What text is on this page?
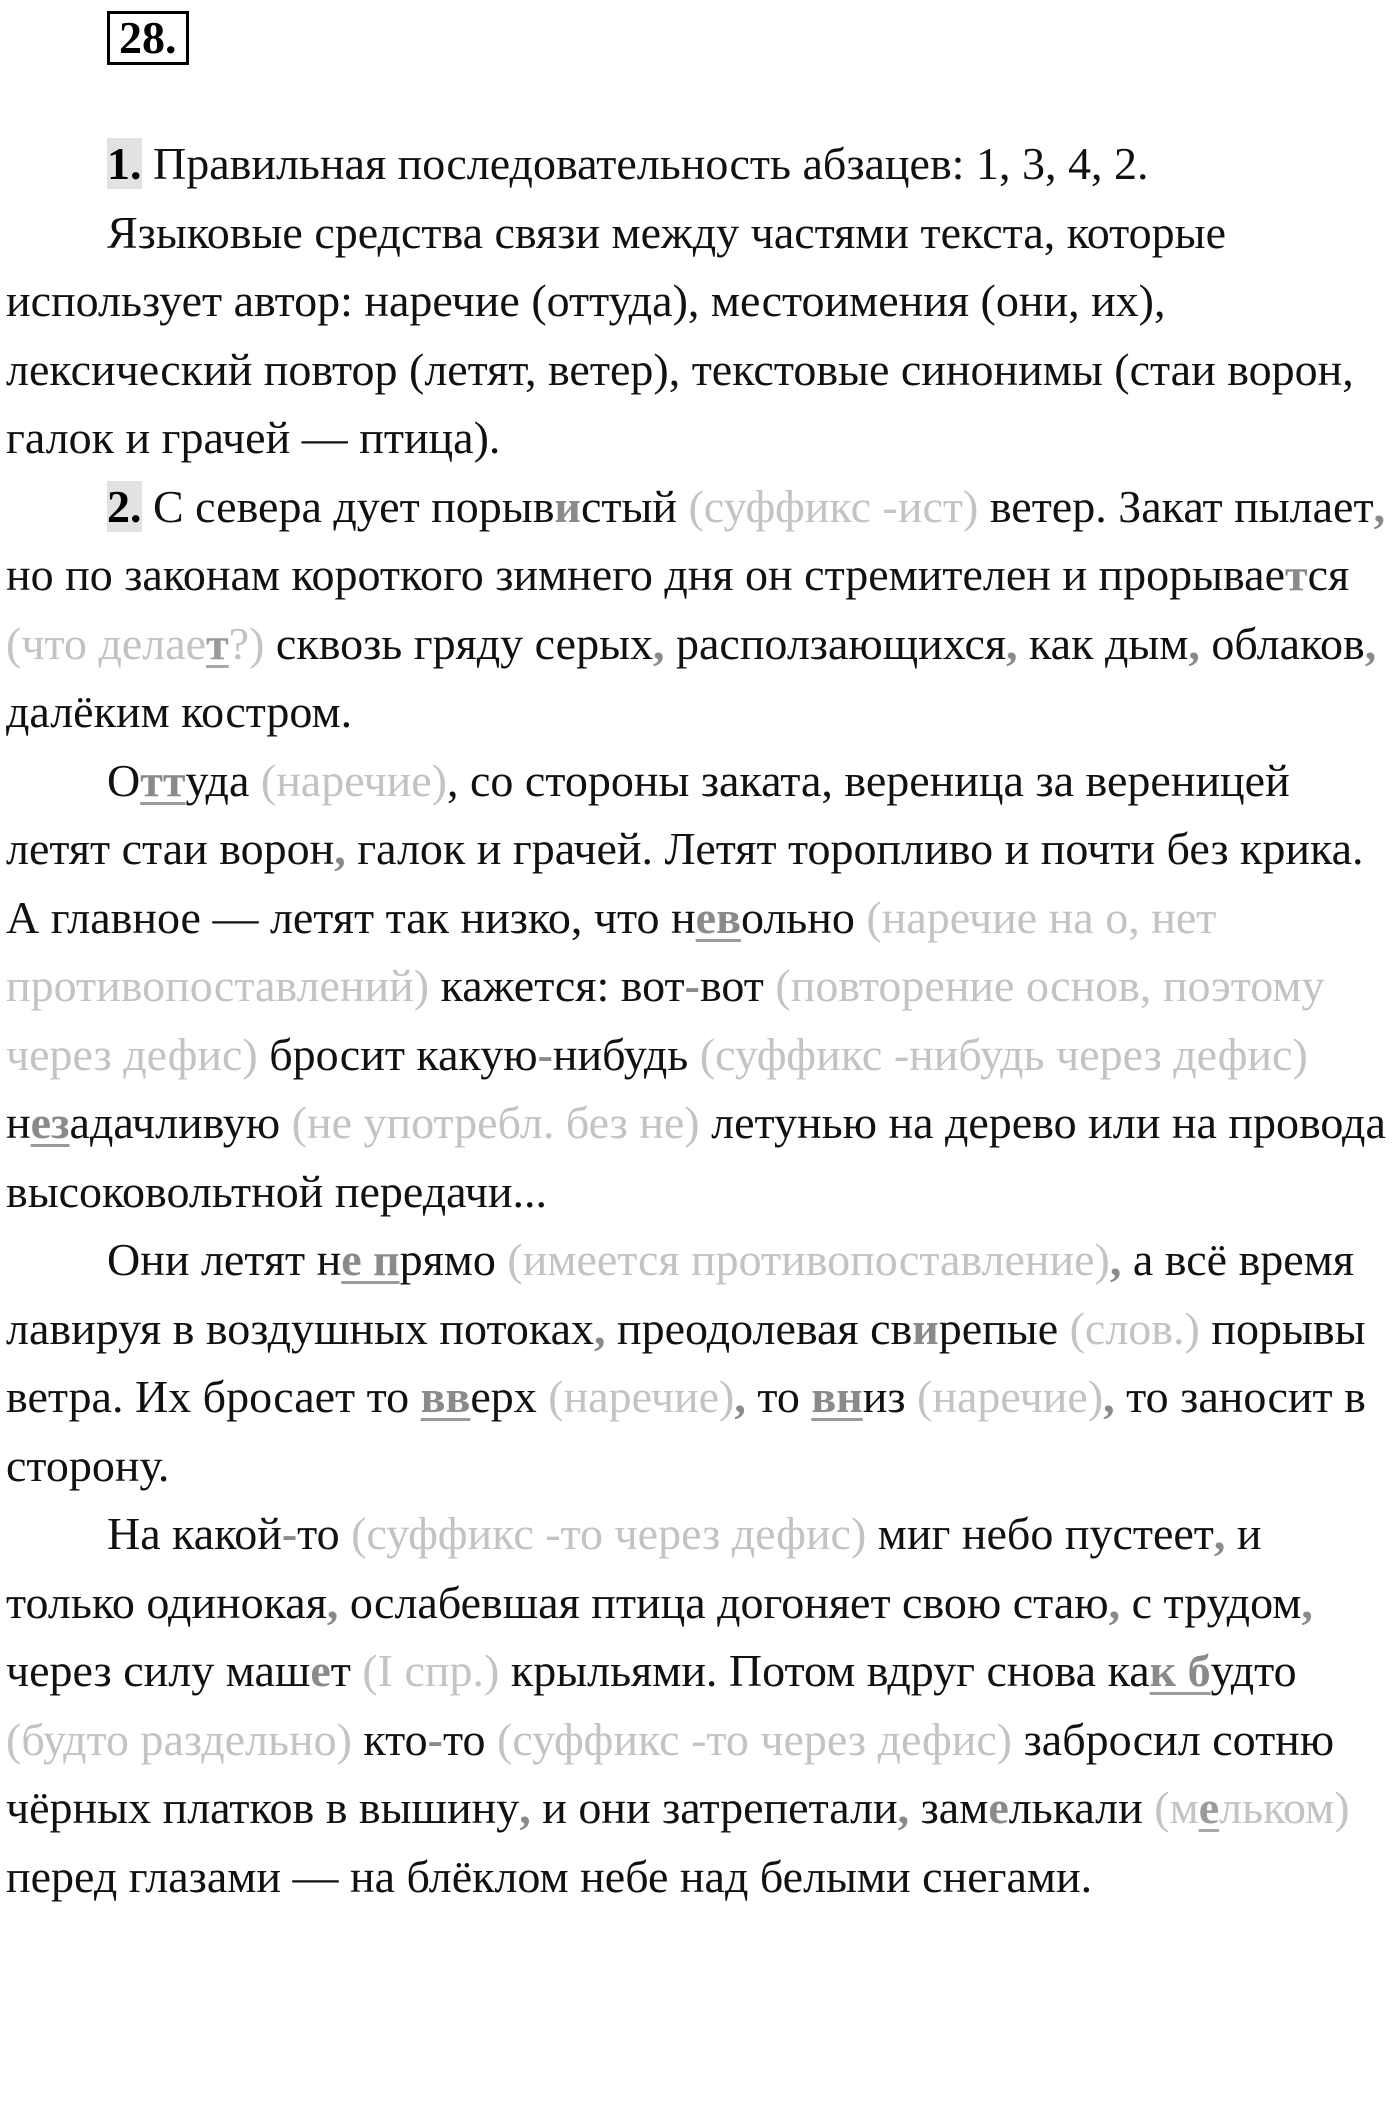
28.

1. Правильная последовательность абзацев: 1, 3, 4, 2.

Языковые средства связи между частями текста, которые использует автор: наречие (оттуда), местоимения (они, их), лексический повтор (летят, ветер), текстовые синонимы (стаи ворон, галок и грачей — птица).

2. С севера дует порывистый (суффикс -ист) ветер. Закат пылает, но по законам короткого зимнего дня он стремителен и прорывается (что делает?) сквозь гряду серых, расползающихся, как дым, облаков, далёким костром.

Оттуда (наречие), со стороны заката, вереница за вереницей летят стаи ворон, галок и грачей. Летят торопливо и почти без крика. А главное — летят так низко, что невольно (наречие на о, нет противопоставлений) кажется: вот-вот (повторение основ, поэтому через дефис) бросит какую-нибудь (суффикс -нибудь через дефис) незадачливую (не употребл. без не) летунью на дерево или на провода высоковольтной передачи...

Они летят не прямо (имеется противопоставление), а всё время лавируя в воздушных потоках, преодолевая свирепые (слов.) порывы ветра. Их бросает то вверх (наречие), то вниз (наречие), то заносит в сторону.

На какой-то (суффикс -то через дефис) миг небо пустеет, и только одинокая, ослабевшая птица догоняет свою стаю, с трудом, через силу машет (I спр.) крыльями. Потом вдруг снова как будто (будто раздельно) кто-то (суффикс -то через дефис) забросил сотню чёрных платков в вышину, и они затрепетали, замелькали (мельком) перед глазами — на блёклом небе над белыми снегами.
